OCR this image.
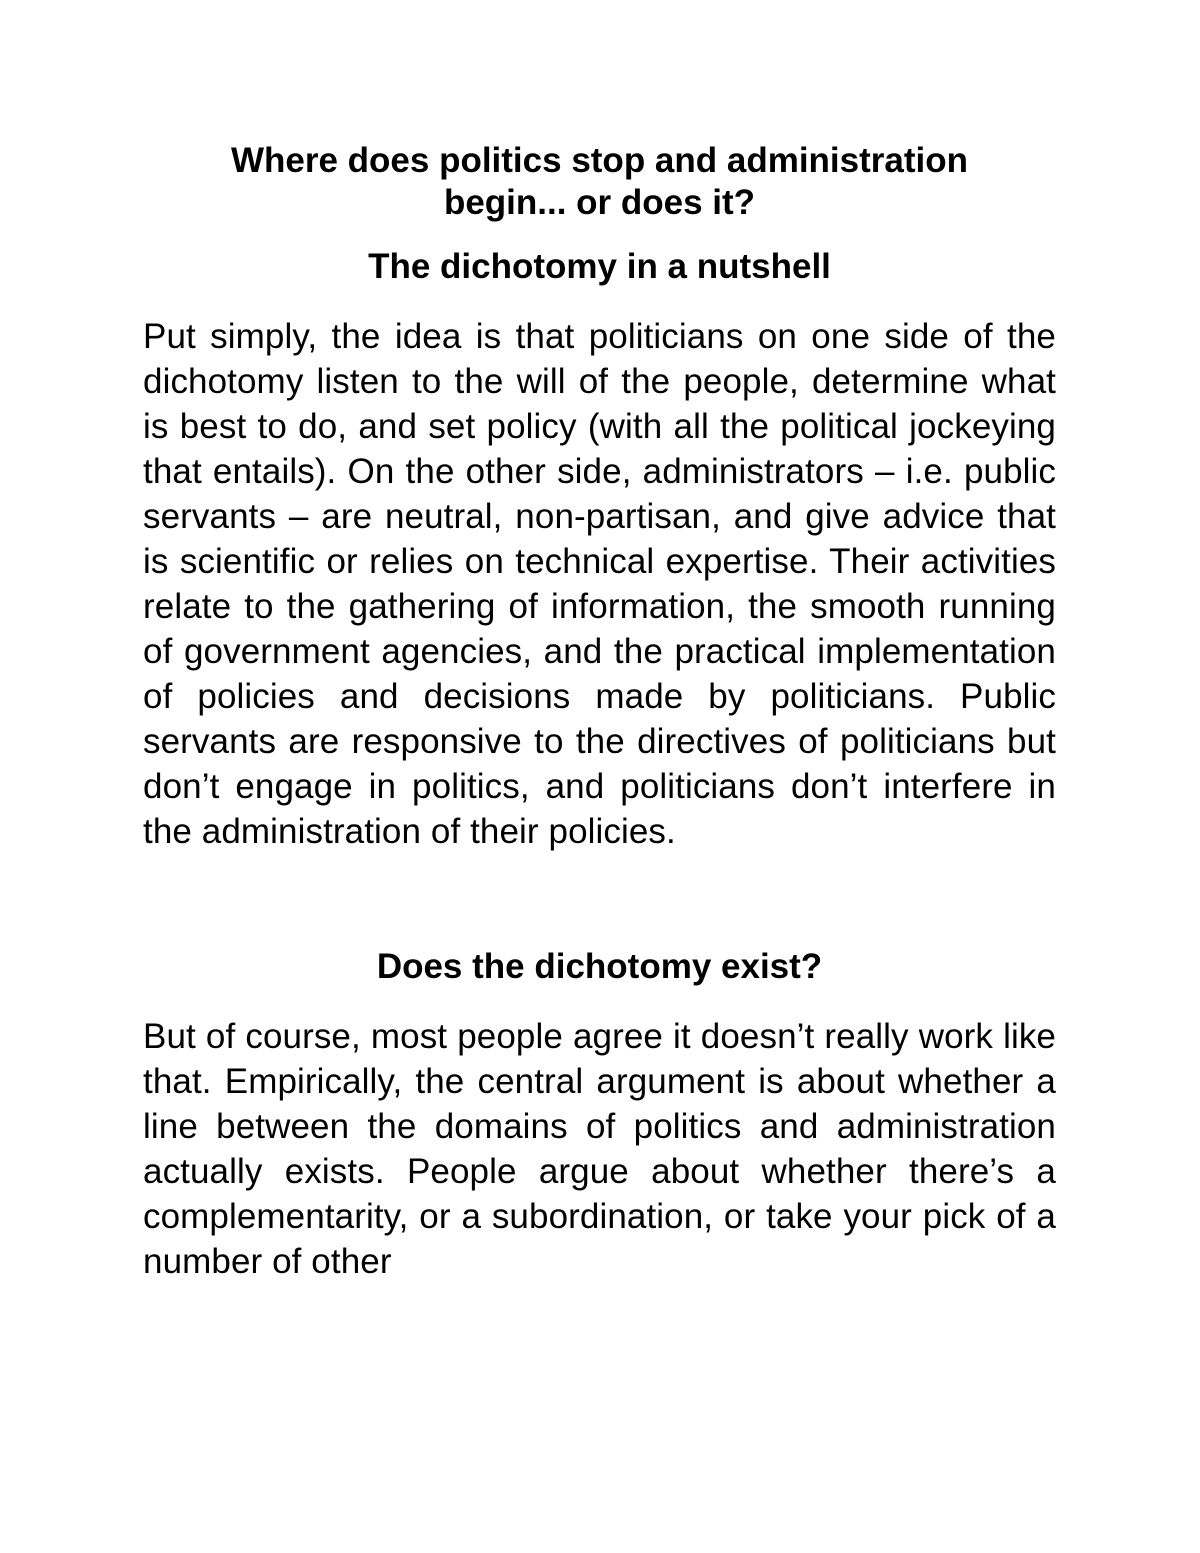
Where does politics stop and administration begin... or does it?
The dichotomy in a nutshell

Put simply, the idea is that politicians on one side of the dichotomy listen to the will of the people, determine what is best to do, and set policy (with all the political jockeying that entails). On the other side, administrators – i.e. public servants – are neutral, non-partisan, and give advice that is scientific or relies on technical expertise. Their activities relate to the gathering of information, the smooth running of government agencies, and the practical implementation of policies and decisions made by politicians. Public servants are responsive to the directives of politicians but don’t engage in politics, and politicians don’t interfere in the administration of their policies.

Does the dichotomy exist?

But of course, most people agree it doesn’t really work like that. Empirically, the central argument is about whether a line between the domains of politics and administration actually exists. People argue about whether there’s a complementarity, or a subordination, or take your pick of a number of other
